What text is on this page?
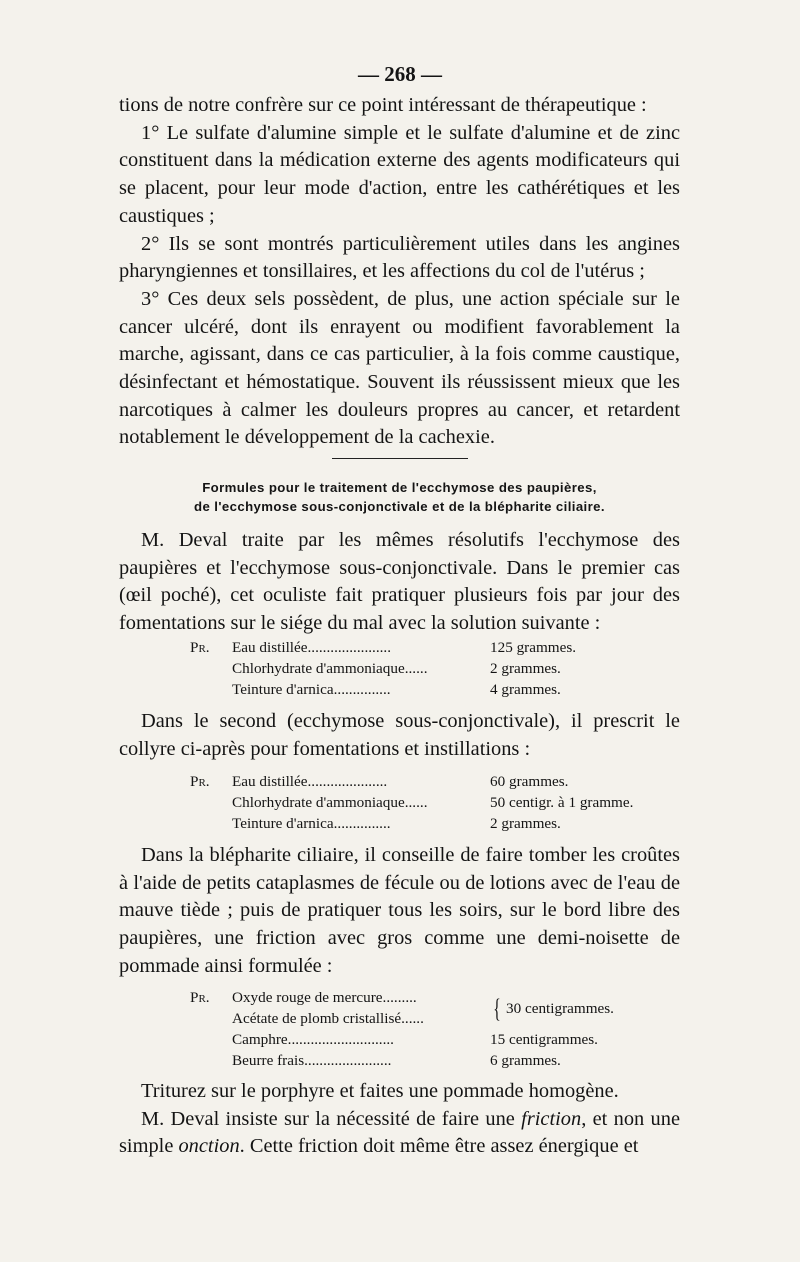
— 268 —

tions de notre confrère sur ce point intéressant de thérapeutique :

1° Le sulfate d'alumine simple et le sulfate d'alumine et de zinc constituent dans la médication externe des agents modificateurs qui se placent, pour leur mode d'action, entre les cathérétiques et les caustiques ;

2° Ils se sont montrés particulièrement utiles dans les angines pharyngiennes et tonsillaires, et les affections du col de l'utérus ;

3° Ces deux sels possèdent, de plus, une action spéciale sur le cancer ulcéré, dont ils enrayent ou modifient favorablement la marche, agissant, dans ce cas particulier, à la fois comme caustique, désinfectant et hémostatique. Souvent ils réussissent mieux que les narcotiques à calmer les douleurs propres au cancer, et retardent notablement le développement de la cachexie.

Formules pour le traitement de l'ecchymose des paupières,
de l'ecchymose sous-conjonctivale et de la blépharite ciliaire.

M. Deval traite par les mêmes résolutifs l'ecchymose des paupières et l'ecchymose sous-conjonctivale. Dans le premier cas (œil poché), cet oculiste fait pratiquer plusieurs fois par jour des fomentations sur le siége du mal avec la solution suivante :

Pr.	Eau distillée......................	125 grammes.
Chlorhydrate d'ammoniaque......	2 grammes.
Teinture d'arnica...............	4 grammes.

Dans le second (ecchymose sous-conjonctivale), il prescrit le collyre ci-après pour fomentations et instillations :

Pr.	Eau distillée.....................	60 grammes.
Chlorhydrate d'ammoniaque......	50 centigr. à 1 gramme.
Teinture d'arnica...............	2 grammes.

Dans la blépharite ciliaire, il conseille de faire tomber les croûtes à l'aide de petits cataplasmes de fécule ou de lotions avec de l'eau de mauve tiède ; puis de pratiquer tous les soirs, sur le bord libre des paupières, une friction avec gros comme une demi-noisette de pommade ainsi formulée :

Pr.	Oxyde rouge de mercure.........
Acétate de plomb cristallisé......	{ 30 centigrammes.
Camphre............................	15 centigrammes.
Beurre frais.......................	6 grammes.

Triturez sur le porphyre et faites une pommade homogène.

M. Deval insiste sur la nécessité de faire une friction, et non une simple onction. Cette friction doit même être assez énergique et
